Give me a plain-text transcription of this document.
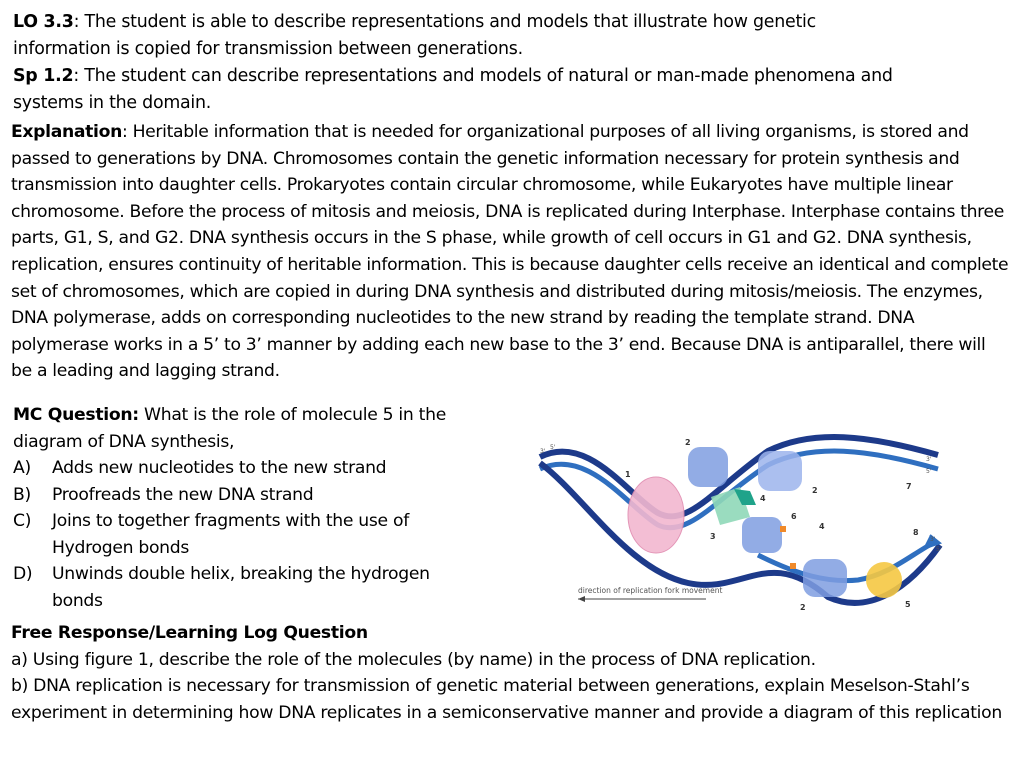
LO 3.3: The student is able to describe representations and models that illustrate how genetic information is copied for transmission between generations.
Sp 1.2: The student can describe representations and models of natural or man-made phenomena and systems in the domain.
Explanation: Heritable information that is needed for organizational purposes of all living organisms, is stored and passed to generations by DNA. Chromosomes contain the genetic information necessary for protein synthesis and transmission into daughter cells. Prokaryotes contain circular chromosome, while Eukaryotes have multiple linear chromosome. Before the process of mitosis and meiosis, DNA is replicated during Interphase. Interphase contains three parts, G1, S, and G2. DNA synthesis occurs in the S phase, while growth of cell occurs in G1 and G2. DNA synthesis, replication, ensures continuity of heritable information. This is because daughter cells receive an identical and complete set of chromosomes, which are copied in during DNA synthesis and distributed during mitosis/meiosis. The enzymes, DNA polymerase, adds on corresponding nucleotides to the new strand by reading the template strand. DNA polymerase works in a 5’ to 3’ manner by adding each new base to the 3’ end. Because DNA is antiparallel, there will be a leading and lagging strand.
MC Question: What is the role of molecule 5 in the diagram of DNA synthesis,
A)	Adds new nucleotides to the new strand
B)	Proofreads the new DNA strand
C)	Joins to together fragments with the use of Hydrogen bonds
D)	Unwinds double helix, breaking the hydrogen bonds	direction of replication fork movement
1
2
2
2
3
4
4
5
6
7
8
3'
5'
3'
5'
3'
5'
Free Response/Learning Log Question
a) Using figure 1, describe the role of the molecules (by name) in the process of DNA replication.
b) DNA replication is necessary for transmission of genetic material between generations, explain Meselson-Stahl’s experiment in determining how DNA replicates in a semiconservative manner and provide a diagram of this replication
